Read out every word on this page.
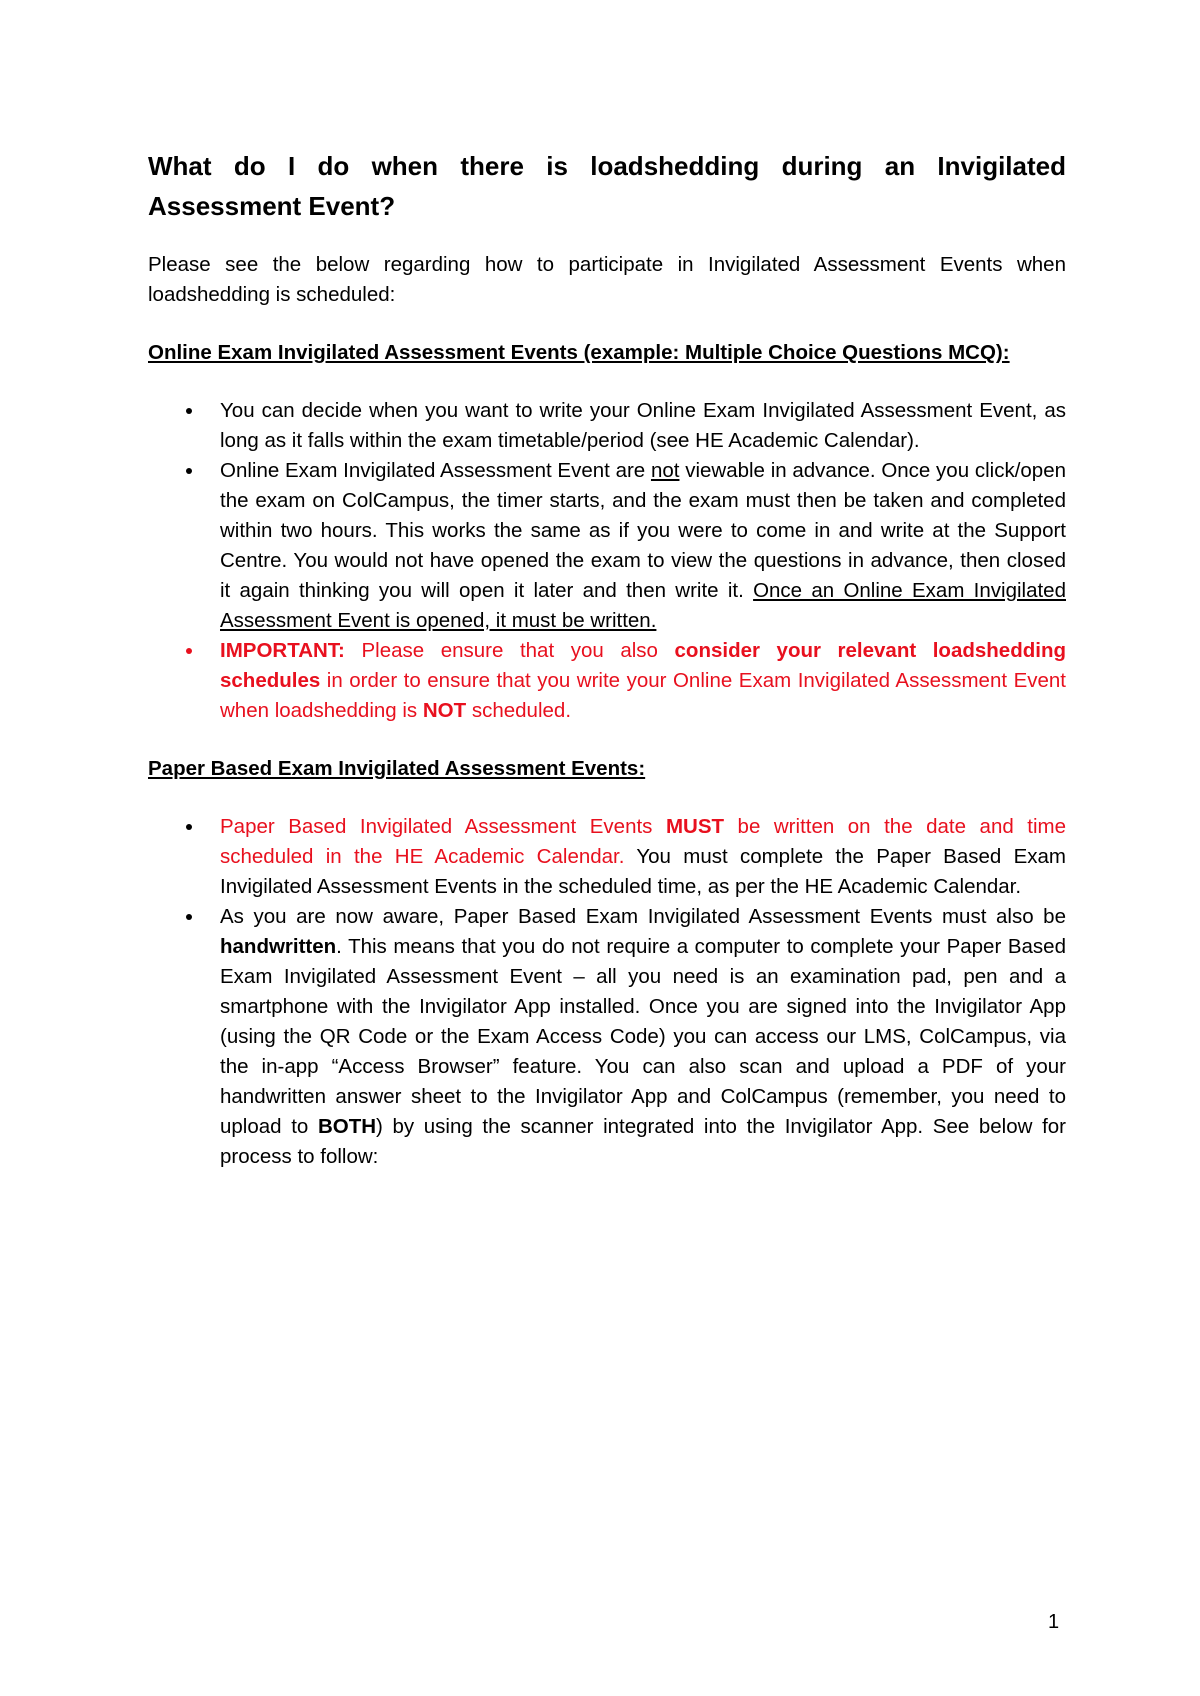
What do I do when there is loadshedding during an Invigilated Assessment Event?

Please see the below regarding how to participate in Invigilated Assessment Events when loadshedding is scheduled:

Online Exam Invigilated Assessment Events (example: Multiple Choice Questions MCQ):
You can decide when you want to write your Online Exam Invigilated Assessment Event, as long as it falls within the exam timetable/period (see HE Academic Calendar).
Online Exam Invigilated Assessment Event are not viewable in advance. Once you click/open the exam on ColCampus, the timer starts, and the exam must then be taken and completed within two hours. This works the same as if you were to come in and write at the Support Centre. You would not have opened the exam to view the questions in advance, then closed it again thinking you will open it later and then write it. Once an Online Exam Invigilated Assessment Event is opened, it must be written.
IMPORTANT: Please ensure that you also consider your relevant loadshedding schedules in order to ensure that you write your Online Exam Invigilated Assessment Event when loadshedding is NOT scheduled.
Paper Based Exam Invigilated Assessment Events:
Paper Based Invigilated Assessment Events MUST be written on the date and time scheduled in the HE Academic Calendar. You must complete the Paper Based Exam Invigilated Assessment Events in the scheduled time, as per the HE Academic Calendar.
As you are now aware, Paper Based Exam Invigilated Assessment Events must also be handwritten. This means that you do not require a computer to complete your Paper Based Exam Invigilated Assessment Event – all you need is an examination pad, pen and a smartphone with the Invigilator App installed. Once you are signed into the Invigilator App (using the QR Code or the Exam Access Code) you can access our LMS, ColCampus, via the in-app “Access Browser” feature. You can also scan and upload a PDF of your handwritten answer sheet to the Invigilator App and ColCampus (remember, you need to upload to BOTH) by using the scanner integrated into the Invigilator App. See below for process to follow:
1
